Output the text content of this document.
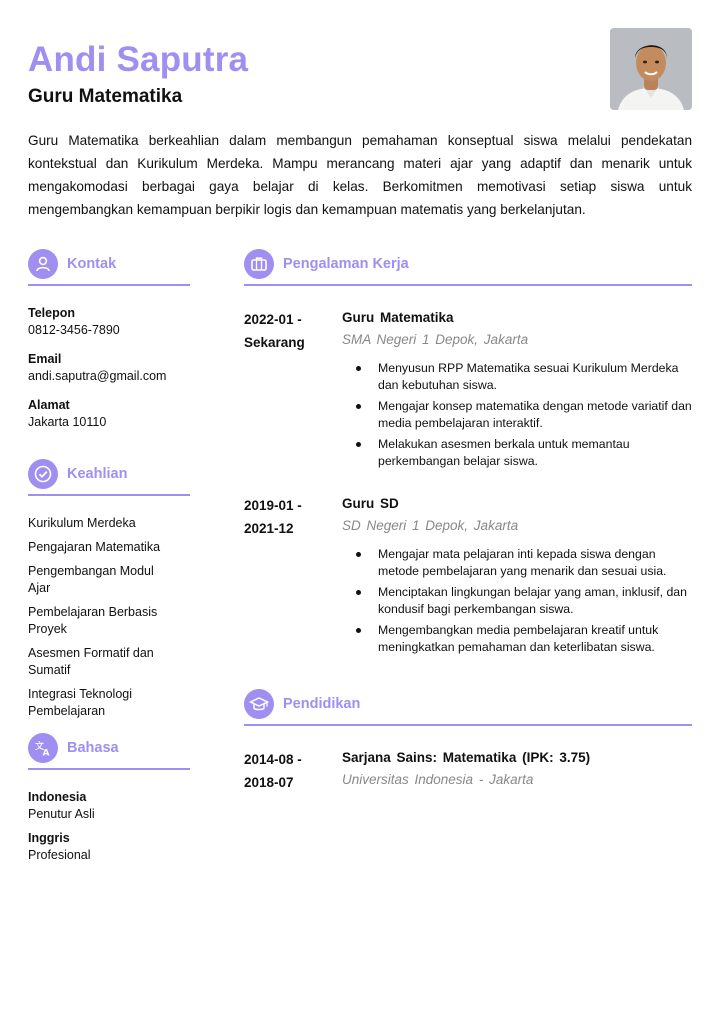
Andi Saputra
Guru Matematika

Guru Matematika berkeahlian dalam membangun pemahaman konseptual siswa melalui pendekatan kontekstual dan Kurikulum Merdeka. Mampu merancang materi ajar yang adaptif dan menarik untuk mengakomodasi berbagai gaya belajar di kelas. Berkomitmen memotivasi setiap siswa untuk mengembangkan kemampuan berpikir logis dan kemampuan matematis yang berkelanjutan.

Kontak

Telepon

0812-3456-7890

Email

andi.saputra@gmail.com

Alamat

Jakarta 10110

Keahlian

Kurikulum Merdeka

Pengajaran Matematika

Pengembangan Modul Ajar

Pembelajaran Berbasis Proyek

Asesmen Formatif dan Sumatif

Integrasi Teknologi Pembelajaran

文
A Bahasa

Indonesia

Penutur Asli

Inggris

Profesional

Pengalaman Kerja
2022-01 - Sekarang
Guru Matematika
SMA Negeri 1 Depok, Jakarta
Menyusun RPP Matematika sesuai Kurikulum Merdeka dan kebutuhan siswa.
Mengajar konsep matematika dengan metode variatif dan media pembelajaran interaktif.
Melakukan asesmen berkala untuk memantau perkembangan belajar siswa.
2019-01 - 2021-12
Guru SD
SD Negeri 1 Depok, Jakarta
Mengajar mata pelajaran inti kepada siswa dengan metode pembelajaran yang menarik dan sesuai usia.
Menciptakan lingkungan belajar yang aman, inklusif, dan kondusif bagi perkembangan siswa.
Mengembangkan media pembelajaran kreatif untuk meningkatkan pemahaman dan keterlibatan siswa.
Pendidikan
2014-08 - 2018-07
Sarjana Sains: Matematika (IPK: 3.75)
Universitas Indonesia - Jakarta
